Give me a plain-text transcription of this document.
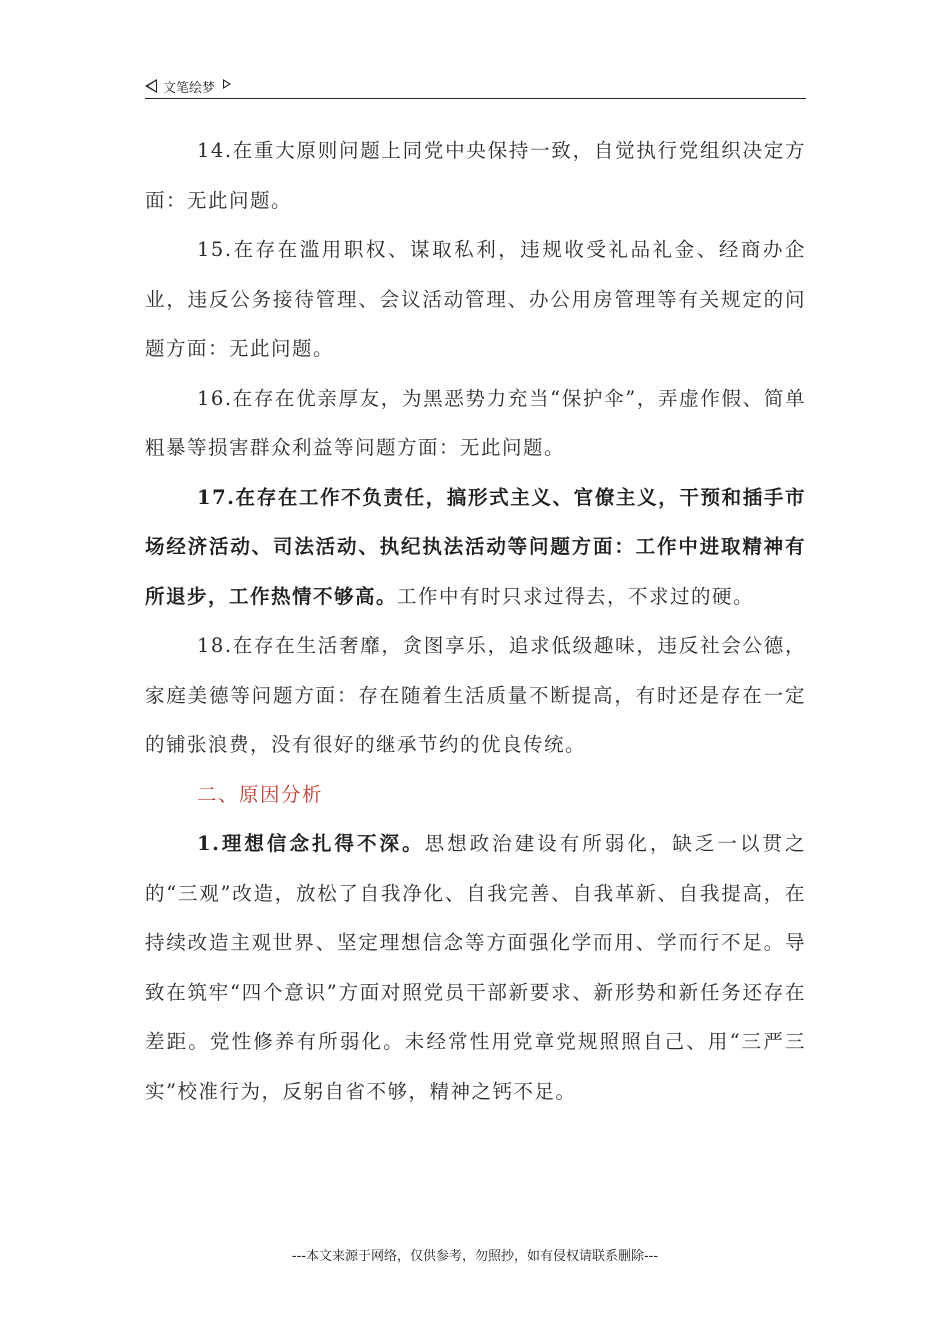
文笔绘梦

14.在重大原则问题上同党中央保持一致，自觉执行党组织决定方面：无此问题。

15.在存在滥用职权、谋取私利，违规收受礼品礼金、经商办企业，违反公务接待管理、会议活动管理、办公用房管理等有关规定的问题方面：无此问题。

16.在存在优亲厚友，为黑恶势力充当“保护伞”，弄虚作假、简单粗暴等损害群众利益等问题方面：无此问题。

17.在存在工作不负责任，搞形式主义、官僚主义，干预和插手市场经济活动、司法活动、执纪执法活动等问题方面：工作中进取精神有所退步，工作热情不够高。工作中有时只求过得去，不求过的硬。

18.在存在生活奢靡，贪图享乐，追求低级趣味，违反社会公德，家庭美德等问题方面：存在随着生活质量不断提高，有时还是存在一定的铺张浪费，没有很好的继承节约的优良传统。

二、原因分析

1.理想信念扎得不深。思想政治建设有所弱化，缺乏一以贯之的“三观”改造，放松了自我净化、自我完善、自我革新、自我提高，在持续改造主观世界、坚定理想信念等方面强化学而用、学而行不足。导致在筑牢“四个意识”方面对照党员干部新要求、新形势和新任务还存在差距。党性修养有所弱化。未经常性用党章党规照照自己、用“三严三实”校准行为，反躬自省不够，精神之钙不足。

---本文来源于网络，仅供参考，勿照抄，如有侵权请联系删除---
